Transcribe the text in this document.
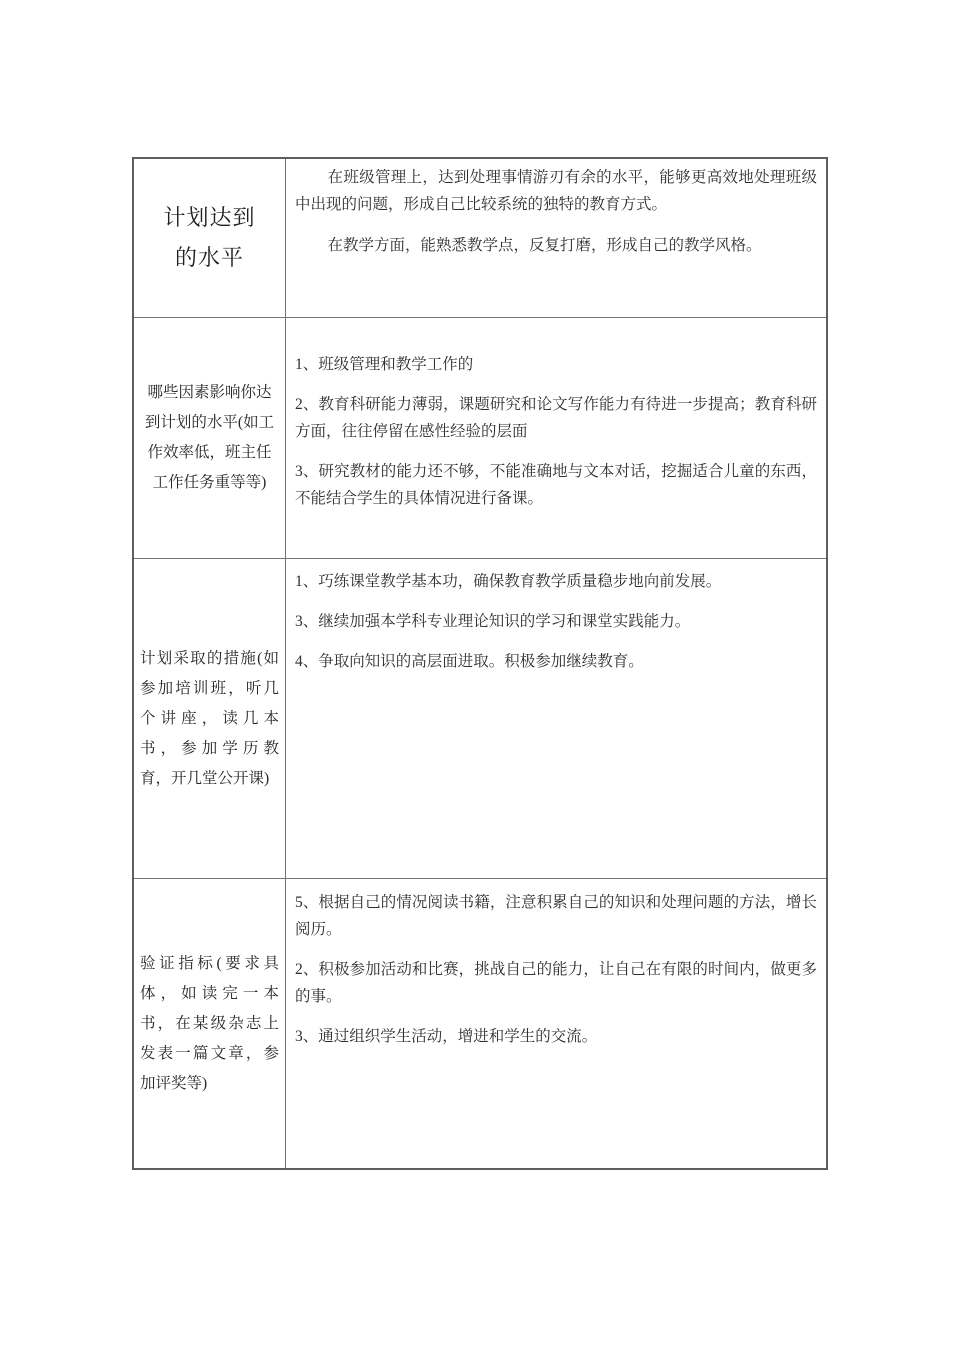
计划达到
的水平

在班级管理上，达到处理事情游刃有余的水平，能够更高效地处理班级中出现的问题，形成自己比较系统的独特的教育方式。

在教学方面，能熟悉教学点，反复打磨，形成自己的教学风格。

哪些因素影响你达到计划的水平(如工作效率低，班主任工作任务重等等)

1、班级管理和教学工作的

2、教育科研能力薄弱，课题研究和论文写作能力有待进一步提高；教育科研方面，往往停留在感性经验的层面

3、研究教材的能力还不够，不能准确地与文本对话，挖掘适合儿童的东西，不能结合学生的具体情况进行备课。

计划采取的措施(如参加培训班，听几个讲座，读几本书，参加学历教育，开几堂公开课)

1、巧练课堂教学基本功，确保教育教学质量稳步地向前发展。

3、继续加强本学科专业理论知识的学习和课堂实践能力。

4、争取向知识的高层面进取。积极参加继续教育。

验证指标(要求具体，如读完一本书，在某级杂志上发表一篇文章，参加评奖等)

5、根据自己的情况阅读书籍，注意积累自己的知识和处理问题的方法，增长阅历。

2、积极参加活动和比赛，挑战自己的能力，让自己在有限的时间内，做更多的事。

3、通过组织学生活动，增进和学生的交流。
